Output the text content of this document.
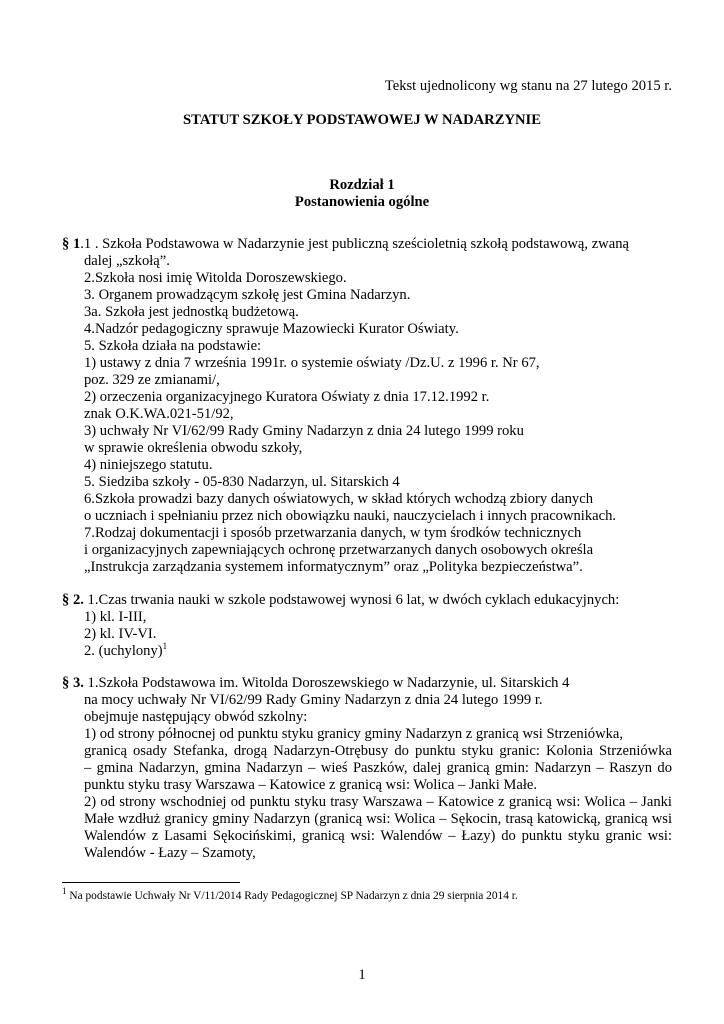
Tekst ujednolicony wg stanu na 27 lutego 2015 r.
STATUT SZKOŁY PODSTAWOWEJ W NADARZYNIE
Rozdział 1
Postanowienia ogólne
§ 1.1 . Szkoła Podstawowa w Nadarzynie jest publiczną sześcioletnią szkołą podstawową, zwaną
dalej „szkołą”.
2.Szkoła nosi imię Witolda Doroszewskiego.
3. Organem prowadzącym szkołę jest Gmina Nadarzyn.
3a. Szkoła jest jednostką budżetową.
4.Nadzór pedagogiczny sprawuje Mazowiecki Kurator Oświaty.
5. Szkoła działa na podstawie:
1) ustawy z dnia 7 września 1991r. o systemie oświaty /Dz.U. z 1996 r. Nr 67,
poz. 329 ze zmianami/,
2) orzeczenia organizacyjnego Kuratora Oświaty z dnia 17.12.1992 r.
znak O.K.WA.021-51/92,
3) uchwały Nr VI/62/99 Rady Gminy Nadarzyn z dnia 24 lutego 1999 roku
w sprawie określenia obwodu szkoły,
4) niniejszego statutu.
5. Siedziba szkoły - 05-830 Nadarzyn, ul. Sitarskich 4
6.Szkoła prowadzi bazy danych oświatowych, w skład których wchodzą zbiory danych
o uczniach i spełnianiu przez nich obowiązku nauki, nauczycielach i innych pracownikach.
7.Rodzaj dokumentacji i sposób przetwarzania danych, w tym środków technicznych
i organizacyjnych zapewniających ochronę przetwarzanych danych osobowych określa
„Instrukcja zarządzania systemem informatycznym” oraz „Polityka bezpieczeństwa”.
§ 2. 1.Czas trwania nauki w szkole podstawowej wynosi 6 lat, w dwóch cyklach edukacyjnych:
1) kl. I-III,
2) kl. IV-VI.
2. (uchylony)$^1$
§ 3. 1.Szkoła Podstawowa im. Witolda Doroszewskiego w Nadarzynie, ul. Sitarskich 4
na mocy uchwały Nr VI/62/99 Rady Gminy Nadarzyn z dnia 24 lutego 1999 r.
obejmuje następujący obwód szkolny:
1) od strony północnej od punktu styku granicy gminy Nadarzyn z granicą wsi Strzeniówka,
granicą osady Stefanka, drogą Nadarzyn-Otrębusy do punktu styku granic: Kolonia Strzeniówka
– gmina Nadarzyn, gmina Nadarzyn – wieś Paszków, dalej granicą gmin: Nadarzyn – Raszyn do
punktu styku trasy Warszawa – Katowice z granicą wsi: Wolica – Janki Małe.
2) od strony wschodniej od punktu styku trasy Warszawa – Katowice z granicą wsi: Wolica – Janki
Małe wzdłuż granicy gminy Nadarzyn (granicą wsi: Wolica – Sękocin, trasą katowicką, granicą wsi
Walendów z Lasami Sękocińskimi, granicą wsi: Walendów – Łazy) do punktu styku granic wsi:
Walendów - Łazy – Szamoty,
$^1$ Na podstawie Uchwały Nr V/11/2014 Rady Pedagogicznej SP Nadarzyn z dnia 29 sierpnia 2014 r.
1
